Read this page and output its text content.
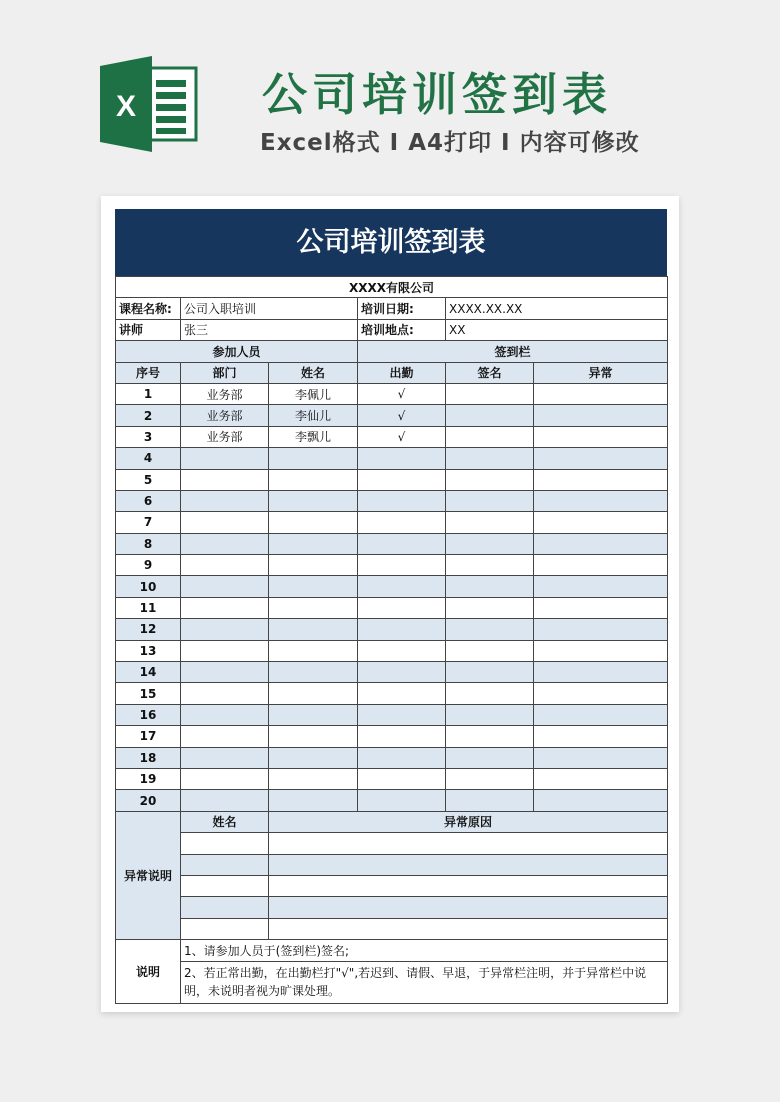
X	公司培训签到表
Excel格式 I A4打印 I 内容可修改
公司培训签到表
XXXX有限公司					
课程名称:	公司入职培训		培训日期:	XXXX.XX.XX	
讲师	张三		培训地点:	XX	
参加人员			签到栏		
序号	部门	姓名	出勤	签名	异常
1	业务部	李佩儿	√		
2	业务部	李仙儿	√		
3	业务部	李飘儿	√		
4					
5					
6					
7					
8					
9					
10					
11					
12					
13					
14					
15					
16					
17					
18					
19					
20					
异常说明	姓名	异常原因			

说明	1、请参加人员于(签到栏)签名;				
	2、若正常出勤，在出勤栏打"√",若迟到、请假、早退，于异常栏注明，并于异常栏中说明，未说明者视为旷课处理。				
